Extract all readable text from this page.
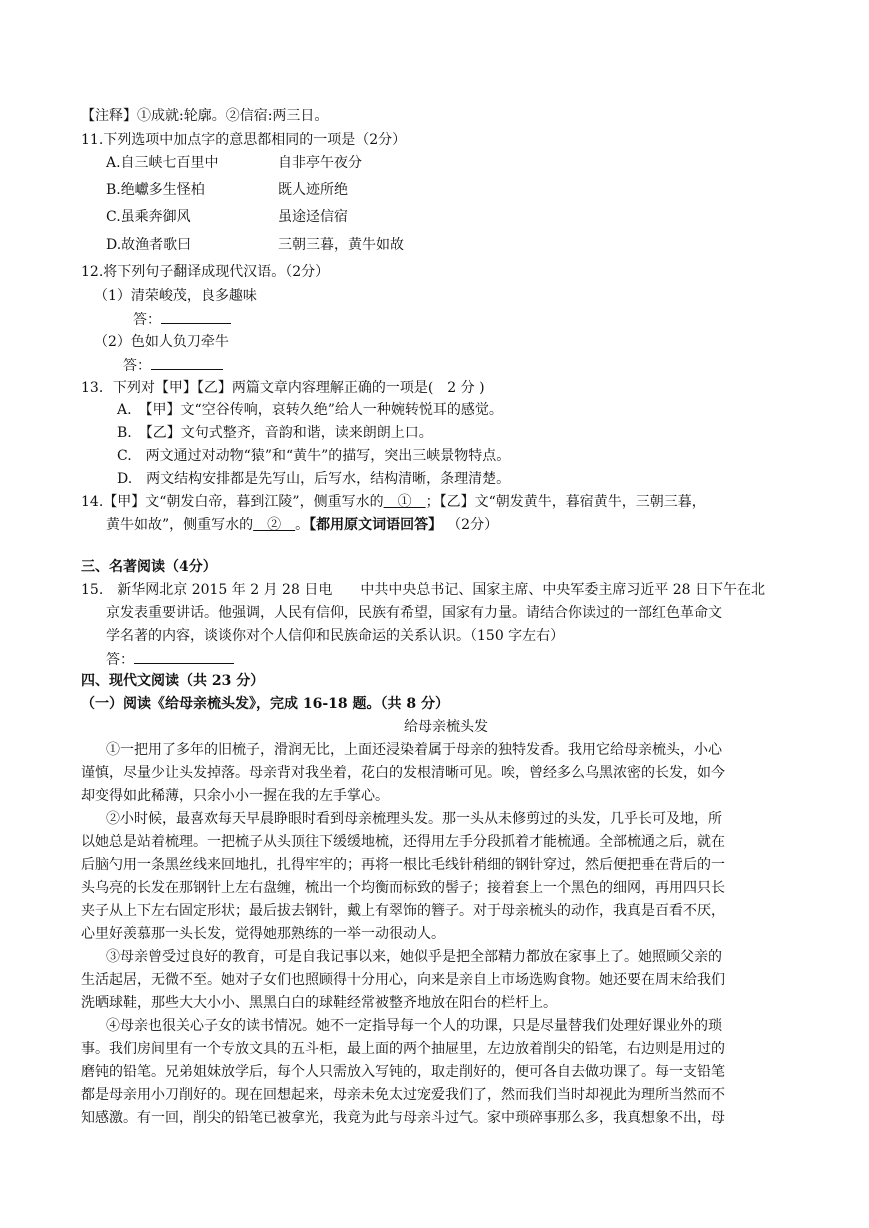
【注释】①成就:轮廓。②信宿:两三日。
11.下列选项中加点字的意思都相同的一项是（2分）
A.自三峡七百里中	自非亭午夜分
B.绝巘多生怪柏	既人迹所绝
C.虽乘奔御风	虽途迳信宿
D.故渔者歌曰	三朝三暮，黄牛如故
12.将下列句子翻译成现代汉语。（2分）
（1）清荣峻茂，良多趣味
答：
（2）色如人负刀牵牛
答：
13．下列对【甲】【乙】两篇文章内容理解正确的一项是(　2 分 )
A.　【甲】文“空谷传响，哀转久绝”给人一种婉转悦耳的感觉。
B.　【乙】文句式整齐，音韵和谐，读来朗朗上口。
C.　两文通过对动物“猿”和“黄牛”的描写，突出三峡景物特点。
D.　两文结构安排都是先写山，后写水，结构清晰，条理清楚。
14.【甲】文“朝发白帝，暮到江陵”，侧重写水的　①　；【乙】文“朝发黄牛，暮宿黄牛，三朝三暮，
黄牛如故”，侧重写水的　②　。【都用原文词语回答】 （2分）
三、名著阅读（4分）
15.　新华网北京 2015 年 2 月 28 日电　　中共中央总书记、国家主席、中央军委主席习近平 28 日下午在北
京发表重要讲话。他强调，人民有信仰，民族有希望，国家有力量。请结合你读过的一部红色革命文
学名著的内容，谈谈你对个人信仰和民族命运的关系认识。（150 字左右）
答：
四、现代文阅读（共 23 分）
（一）阅读《给母亲梳头发》，完成 16-18 题。（共 8 分）
给母亲梳头发
①一把用了多年的旧梳子，滑润无比，上面还浸染着属于母亲的独特发香。我用它给母亲梳头，小心
谨慎，尽量少让头发掉落。母亲背对我坐着，花白的发根清晰可见。唉，曾经多么乌黑浓密的长发，如今
却变得如此稀薄，只余小小一握在我的左手掌心。
②小时候，最喜欢每天早晨睁眼时看到母亲梳理头发。那一头从未修剪过的头发，几乎长可及地，所
以她总是站着梳理。一把梳子从头顶往下缓缓地梳，还得用左手分段抓着才能梳通。全部梳通之后，就在
后脑勺用一条黑丝线来回地扎，扎得牢牢的；再将一根比毛线针稍细的钢针穿过，然后便把垂在背后的一
头乌亮的长发在那钢针上左右盘缠，梳出一个均衡而标致的髻子；接着套上一个黑色的细网，再用四只长
夹子从上下左右固定形状；最后拔去钢针，戴上有翠饰的簪子。对于母亲梳头的动作，我真是百看不厌，
心里好羡慕那一头长发，觉得她那熟练的一举一动很动人。
③母亲曾受过良好的教育，可是自我记事以来，她似乎是把全部精力都放在家事上了。她照顾父亲的
生活起居，无微不至。她对子女们也照顾得十分用心，向来是亲自上市场选购食物。她还要在周末给我们
洗晒球鞋，那些大大小小、黑黑白白的球鞋经常被整齐地放在阳台的栏杆上。
④母亲也很关心子女的读书情况。她不一定指导每一个人的功课，只是尽量替我们处理好课业外的琐
事。我们房间里有一个专放文具的五斗柜，最上面的两个抽屉里，左边放着削尖的铅笔，右边则是用过的
磨钝的铅笔。兄弟姐妹放学后，每个人只需放入写钝的，取走削好的，便可各自去做功课了。每一支铅笔
都是母亲用小刀削好的。现在回想起来，母亲未免太过宠爱我们了，然而我们当时却视此为理所当然而不
知感激。有一回，削尖的铅笔已被拿光，我竟为此与母亲斗过气。家中琐碎事那么多，我真想象不出，母
